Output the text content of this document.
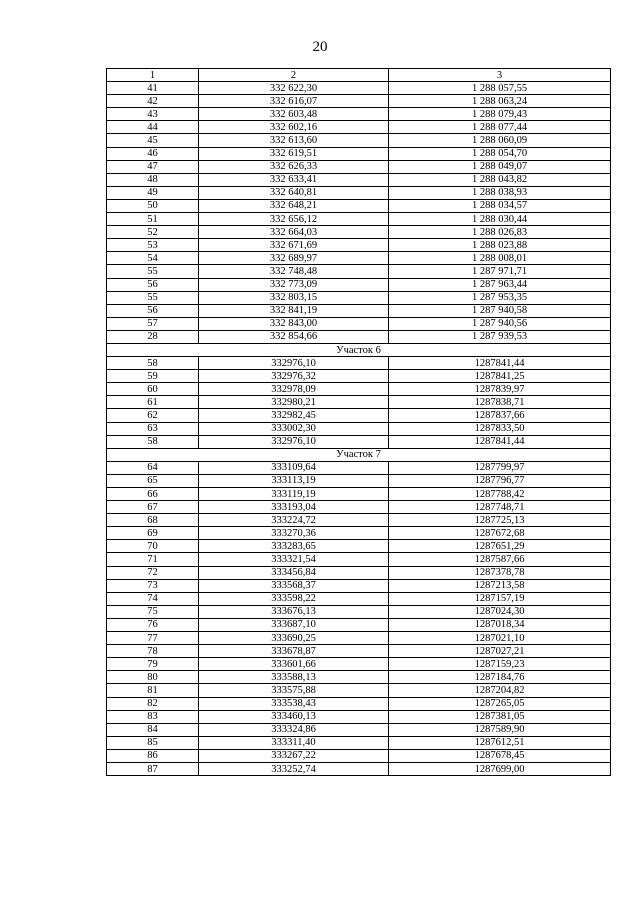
20
1	2	3
41	332 622,30	1 288 057,55
42	332 616,07	1 288 063,24
43	332 603,48	1 288 079,43
44	332 602,16	1 288 077,44
45	332 613,60	1 288 060,09
46	332 619,51	1 288 054,70
47	332 626,33	1 288 049,07
48	332 633,41	1 288 043,82
49	332 640,81	1 288 038,93
50	332 648,21	1 288 034,57
51	332 656,12	1 288 030,44
52	332 664,03	1 288 026,83
53	332 671,69	1 288 023,88
54	332 689,97	1 288 008,01
55	332 748,48	1 287 971,71
56	332 773,09	1 287 963,44
55	332 803,15	1 287 953,35
56	332 841,19	1 287 940,58
57	332 843,00	1 287 940,56
28	332 854,66	1 287 939,53
Участок 6		
58	332976,10	1287841,44
59	332976,32	1287841,25
60	332978,09	1287839,97
61	332980,21	1287838,71
62	332982,45	1287837,66
63	333002,30	1287833,50
58	332976,10	1287841,44
Участок 7		
64	333109,64	1287799,97
65	333113,19	1287796,77
66	333119,19	1287788,42
67	333193,04	1287748,71
68	333224,72	1287725,13
69	333270,36	1287672,68
70	333283,65	1287651,29
71	333321,54	1287587,66
72	333456,84	1287378,78
73	333568,37	1287213,58
74	333598,22	1287157,19
75	333676,13	1287024,30
76	333687,10	1287018,34
77	333690,25	1287021,10
78	333678,87	1287027,21
79	333601,66	1287159,23
80	333588,13	1287184,76
81	333575,88	1287204,82
82	333538,43	1287265,05
83	333460,13	1287381,05
84	333324,86	1287589,90
85	333311,40	1287612,51
86	333267,22	1287678,45
87	333252,74	1287699,00
